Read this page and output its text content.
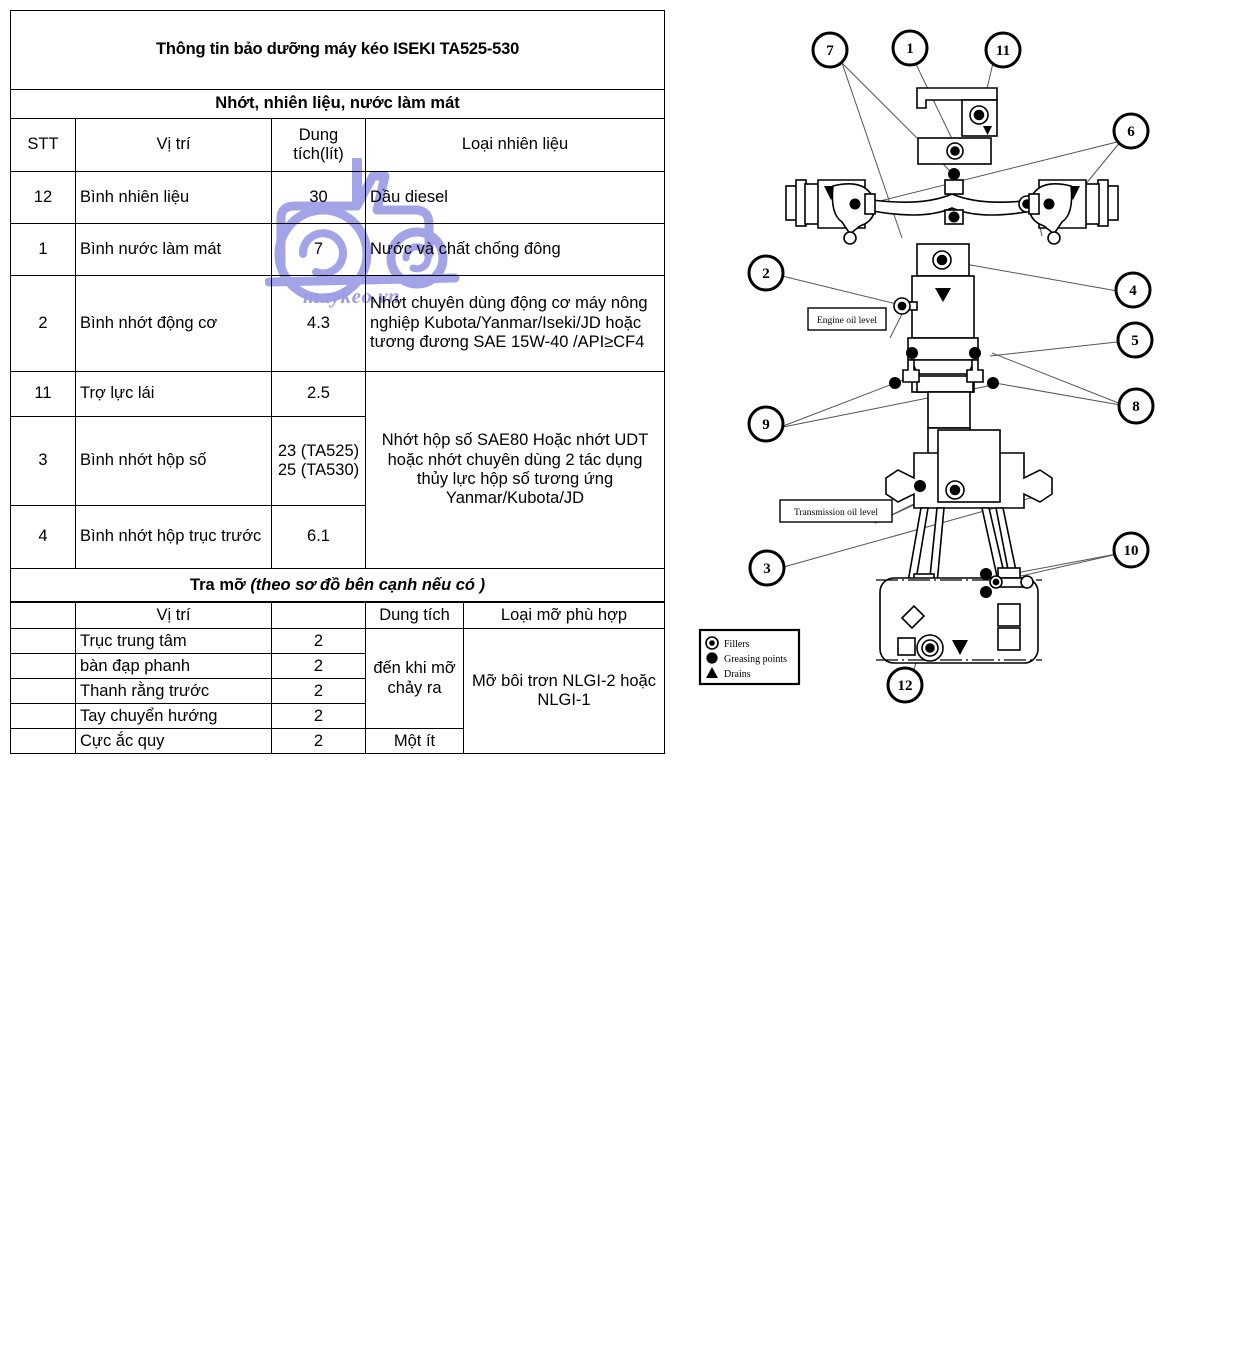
maykeo.vn
Thông tin bảo dưỡng máy kéo ISEKI TA525-530			
Nhớt, nhiên liệu, nước làm mát			
STT	Vị trí	Dung
tích(lít)	Loại nhiên liệu
12	Bình nhiên liệu	30	Dầu diesel
1	Bình nước làm mát	7	Nước và chất chống đông
2	Bình nhớt động cơ	4.3	Nhớt chuyên dùng động cơ máy nông nghiệp Kubota/Yanmar/Iseki/JD hoặc tương đương SAE 15W-40 /API≥CF4
11	Trợ lực lái	2.5	Nhớt hộp số SAE80 Hoặc nhớt UDT hoặc nhớt chuyên dùng 2 tác dụng thủy lực hộp số tương ứng Yanmar/Kubota/JD
3	Bình nhớt hộp số	23 (TA525)
25 (TA530)	

4	Bình nhớt hộp trục trước	6.1	
Tra mỡ (theo sơ đồ bên cạnh nếu có )			
	Vị trí		Dung tích	Loại mỡ phù hợp
	Trục trung tâm	2	đến khi mỡ chảy ra	Mỡ bôi trơn NLGI-2 hoặc NLGI-1
	bàn đạp phanh	2		
	Thanh rằng trước	2		
	Tay chuyển hướng	2		
	Cực ắc quy	2	Một ít	
Engine oil level
Transmission oil level
7	1	11
6
2
4
5
8
9
3
10
12
Fillers
Greasing points
Drains
